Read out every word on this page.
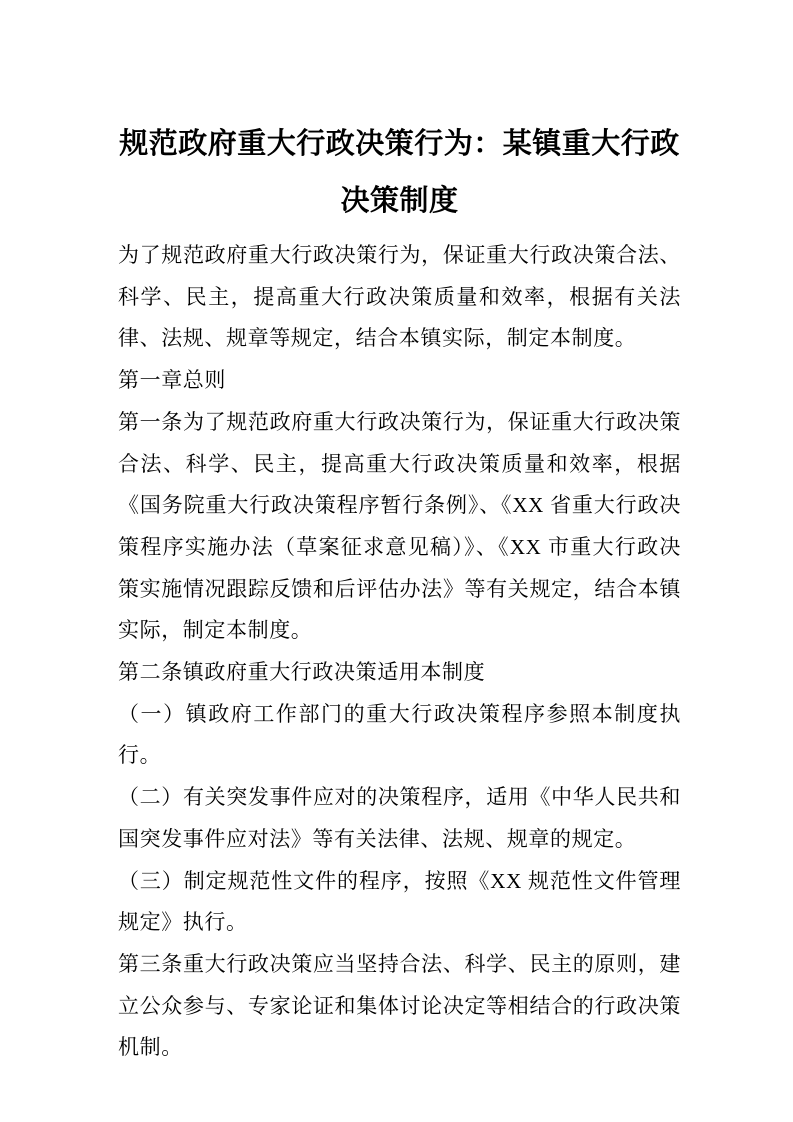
规范政府重大行政决策行为：某镇重大行政决策制度

为了规范政府重大行政决策行为，保证重大行政决策合法、科学、民主，提高重大行政决策质量和效率，根据有关法律、法规、规章等规定，结合本镇实际，制定本制度。

第一章总则

第一条为了规范政府重大行政决策行为，保证重大行政决策合法、科学、民主，提高重大行政决策质量和效率，根据《国务院重大行政决策程序暂行条例》、《XX 省重大行政决策程序实施办法（草案征求意见稿）》、《XX 市重大行政决策实施情况跟踪反馈和后评估办法》等有关规定，结合本镇实际，制定本制度。

第二条镇政府重大行政决策适用本制度

（一）镇政府工作部门的重大行政决策程序参照本制度执行。

（二）有关突发事件应对的决策程序，适用《中华人民共和国突发事件应对法》等有关法律、法规、规章的规定。

（三）制定规范性文件的程序，按照《XX 规范性文件管理规定》执行。

第三条重大行政决策应当坚持合法、科学、民主的原则，建立公众参与、专家论证和集体讨论决定等相结合的行政决策机制。
